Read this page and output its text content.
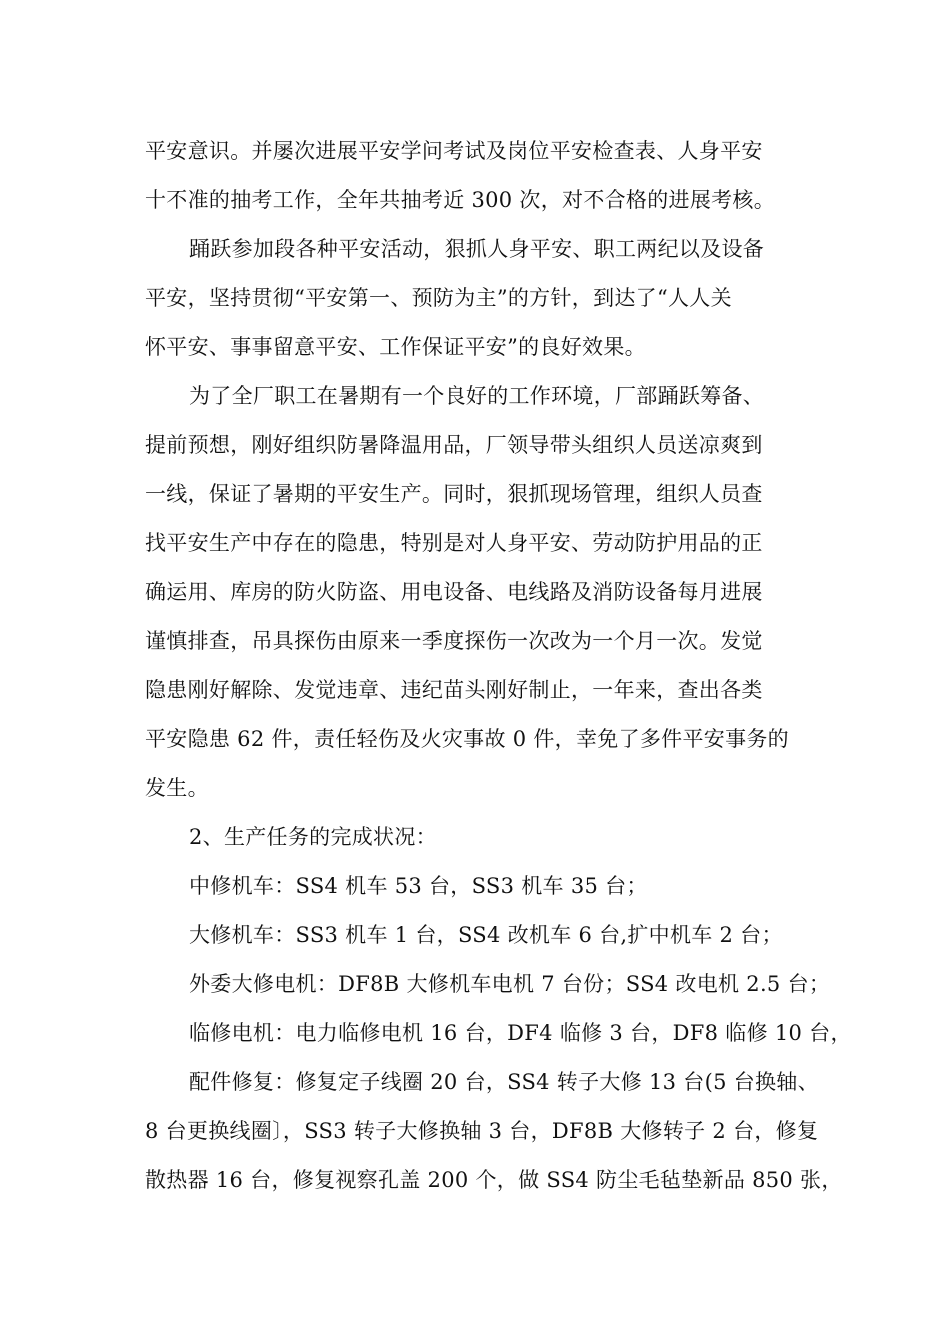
平安意识。并屡次进展平安学问考试及岗位平安检查表、人身平安
十不准的抽考工作，全年共抽考近 300 次，对不合格的进展考核。

踊跃参加段各种平安活动，狠抓人身平安、职工两纪以及设备
平安，坚持贯彻“平安第一、预防为主”的方针，到达了“人人关
怀平安、事事留意平安、工作保证平安”的良好效果。

为了全厂职工在暑期有一个良好的工作环境，厂部踊跃筹备、
提前预想，刚好组织防暑降温用品，厂领导带头组织人员送凉爽到
一线，保证了暑期的平安生产。同时，狠抓现场管理，组织人员查
找平安生产中存在的隐患，特别是对人身平安、劳动防护用品的正
确运用、库房的防火防盗、用电设备、电线路及消防设备每月进展
谨慎排查，吊具探伤由原来一季度探伤一次改为一个月一次。发觉
隐患刚好解除、发觉违章、违纪苗头刚好制止，一年来，查出各类
平安隐患 62 件，责任轻伤及火灾事故 0 件，幸免了多件平安事务的
发生。

2、生产任务的完成状况：

中修机车：SS4 机车 53 台，SS3 机车 35 台；

大修机车：SS3 机车 1 台，SS4 改机车 6 台,扩中机车 2 台；

外委大修电机：DF8B 大修机车电机 7 台份；SS4 改电机 2.5 台；

临修电机：电力临修电机 16 台，DF4 临修 3 台，DF8 临修 10 台，

配件修复：修复定子线圈 20 台，SS4 转子大修 13 台(5 台换轴、
8 台更换线圈〕，SS3 转子大修换轴 3 台，DF8B 大修转子 2 台，修复
散热器 16 台，修复视察孔盖 200 个，做 SS4 防尘毛毡垫新品 850 张，
